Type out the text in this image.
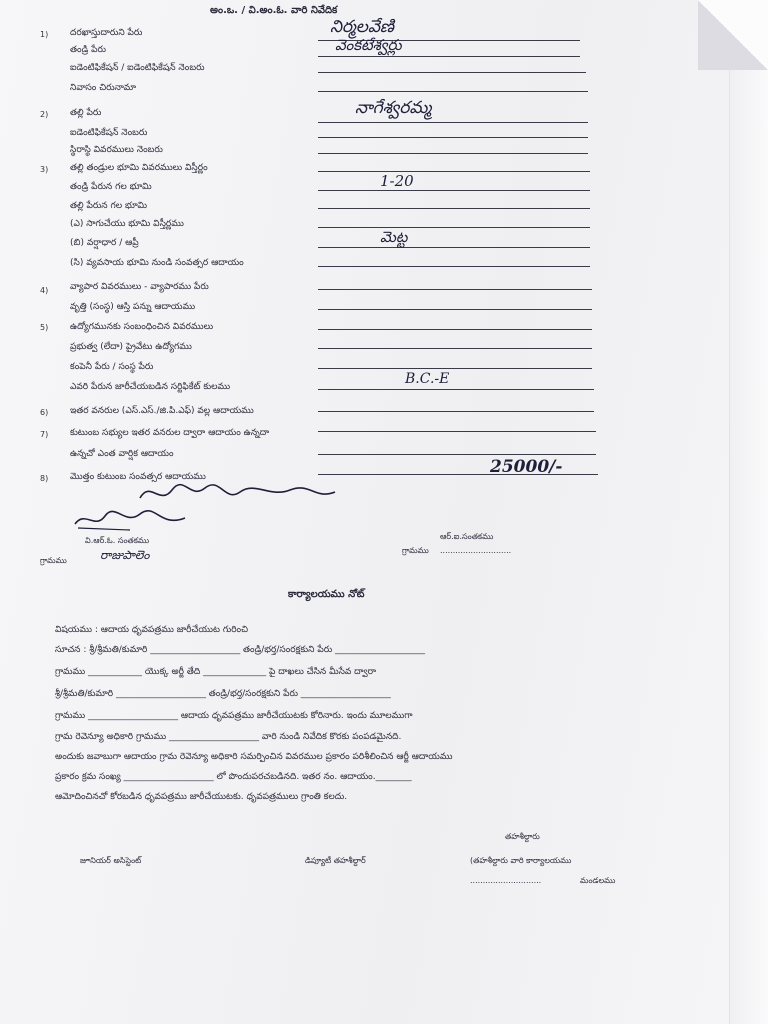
అం.ఒ. / వి.అం.ఓ. వారి నివేదిక
1) దరఖాస్తుదారుని పేరు	నిర్మలవేణి
తండ్రి పేరు	వెంకటేశ్వర్లు
ఐడెంటిఫికేషన్ / ఐడెంటిఫికేషన్ నెంబరు
నివాసం చిరునామా
2) తల్లి పేరు	నాగేశ్వరమ్మ
ఐడెంటిఫికేషన్ నెంబరు
స్థిరాస్థి వివరములు నెంబరు
3) తల్లి తండ్రుల భూమి వివరములు విస్తీర్ణం
తండ్రి పేరున గల భూమి	1-20
తల్లి పేరున గల భూమి
(ఎ) సాగుచేయు భూమి విస్తీర్ణము
(బి) వర్షాధార / ఆప్రీ	మెట్ట
(సి) వ్యవసాయ భూమి నుండి సంవత్సర ఆదాయం
4) వ్యాపార వివరములు - వ్యాపారము పేరు
వృత్తి (సంస్థ) ఆస్తి పన్ను ఆదాయము
5) ఉద్యోగమునకు సంబంధించిన వివరములు
ప్రభుత్వ (లేదా) ప్రైవేటు ఉద్యోగము
కంపెనీ పేరు / సంస్థ పేరు
ఎవరి పేరున జారీచేయబడిన సర్టిఫికేట్ కులము	B.C.-E
6) ఇతర వనరుల (ఎస్.ఎస్./జి.పి.ఎఫ్) వల్ల ఆదాయము
7) కుటుంబ సభ్యుల ఇతర వనరుల ద్వారా ఆదాయం ఉన్నదా
ఉన్నచో ఎంత వార్షిక ఆదాయం
8) మొత్తం కుటుంబ సంవత్సర ఆదాయము	25000/-
వి.ఆర్.ఓ. సంతకము
గ్రామము	రాజుపాలెం
ఆర్.ఐ.సంతకము
గ్రామము ............................
కార్యాలయము నోట్
విషయము : ఆదాయ ధృవపత్రము జారీచేయుట గురించి
సూచన : శ్రీ/శ్రీమతి/కుమారి ____________________ తండ్రి/భర్త/సంరక్షకుని పేరు ____________________
గ్రామము ____________ యొక్క అర్జీ తేది ______________ పై దాఖలు చేసిన మీసేవ ద్వారా
శ్రీ/శ్రీమతి/కుమారి ____________________ తండ్రి/భర్త/సంరక్షకుని పేరు ____________________
గ్రామము ____________________ ఆదాయ ధృవపత్రము జారీచేయుటకు కోరినారు. ఇందు మూలముగా
గ్రామ రెవెన్యూ అధికారి గ్రామము ____________________ వారి నుండి నివేదిక కొరకు పంపడమైనది.
అందుకు జవాబుగా ఆదాయం గ్రామ రెవెన్యూ అధికారి సమర్పించిన వివరముల ప్రకారం పరిశీలించిన ఆర్జీ ఆదాయము
ప్రకారం క్రమ సంఖ్య ____________________ లో పొందుపరచబడినది. ఇతర నం. ఆదాయం.________
ఆమోదించినచో కోరబడిన ధృవపత్రము జారీచేయుటకు. ధృవపత్రములు గ్రాంతి కలదు.
తహశీల్దారు
జూనియర్ అసిస్టెంట్	డిప్యూటీ తహశీల్దార్	(తహశీల్దారు వారి కార్యాలయము
............................	మండలము
